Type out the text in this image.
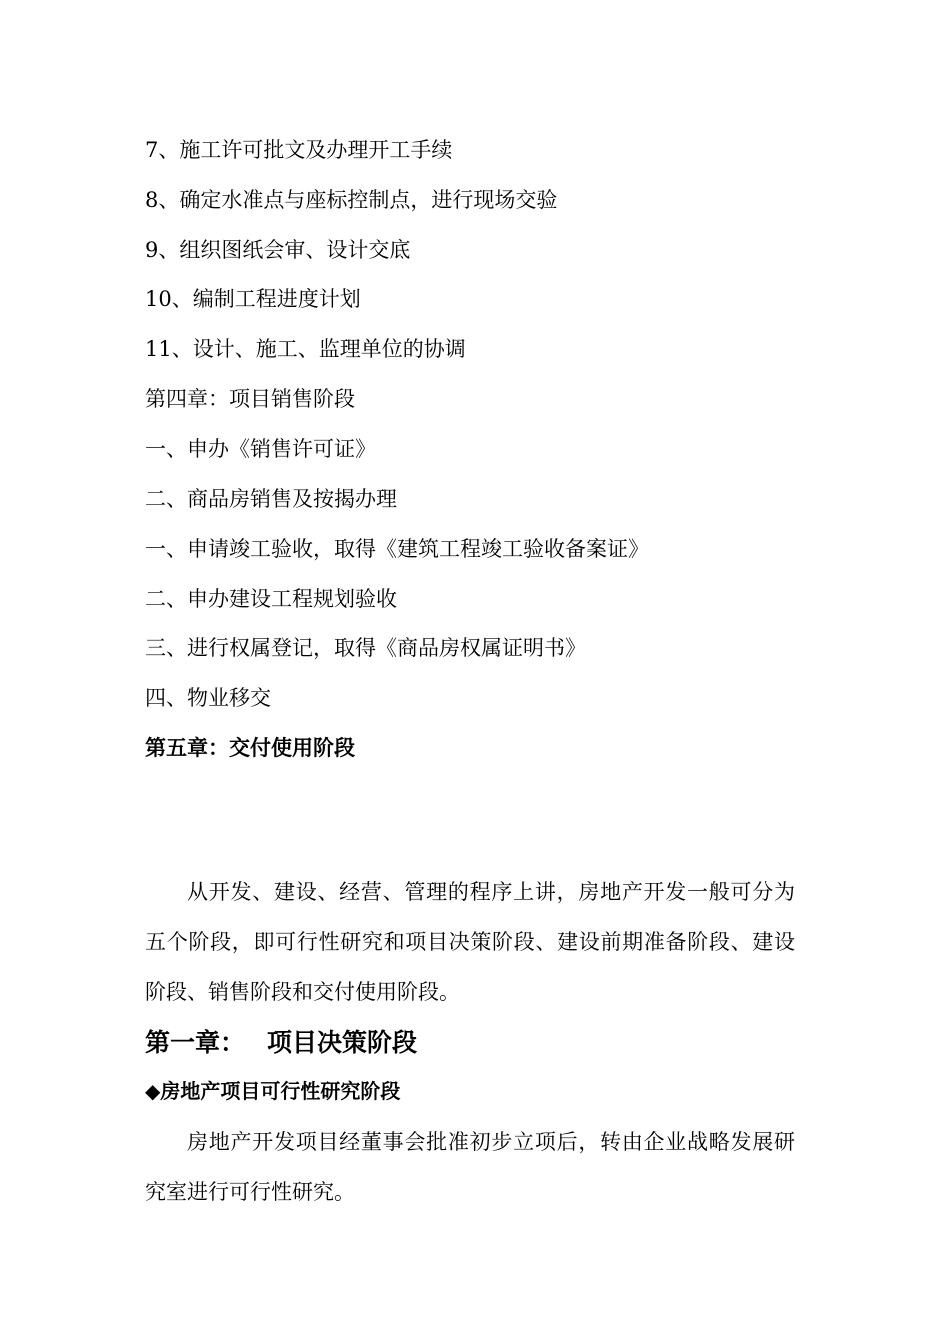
7、施工许可批文及办理开工手续
8、确定水准点与座标控制点，进行现场交验
9、组织图纸会审、设计交底
10、编制工程进度计划
11、设计、施工、监理单位的协调
第四章：项目销售阶段
一、申办《销售许可证》
二、商品房销售及按揭办理
一、申请竣工验收，取得《建筑工程竣工验收备案证》
二、申办建设工程规划验收
三、进行权属登记，取得《商品房权属证明书》
四、物业移交
第五章：交付使用阶段

从开发、建设、经营、管理的程序上讲，房地产开发一般可分为五个阶段，即可行性研究和项目决策阶段、建设前期准备阶段、建设阶段、销售阶段和交付使用阶段。

第一章： 项目决策阶段
◆房地产项目可行性研究阶段

房地产开发项目经董事会批准初步立项后，转由企业战略发展研究室进行可行性研究。
